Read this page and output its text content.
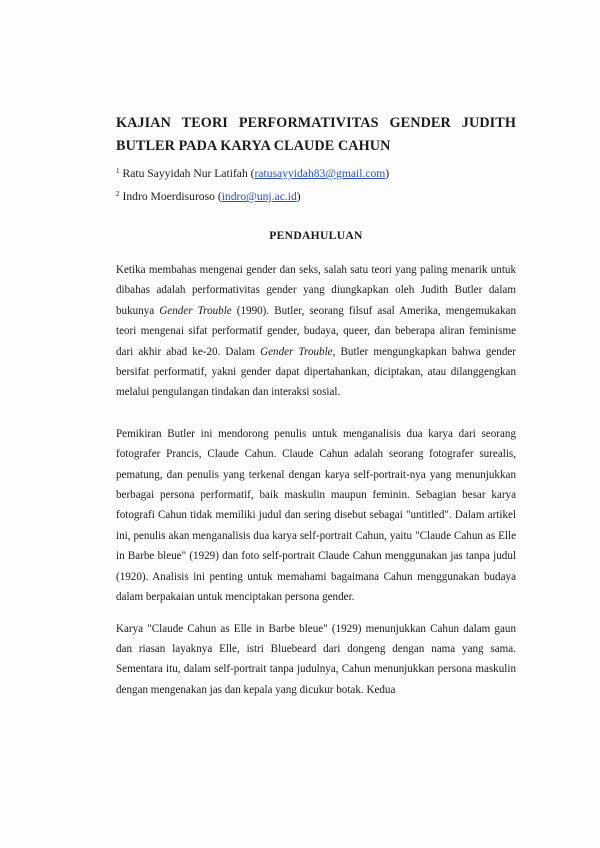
KAJIAN TEORI PERFORMATIVITAS GENDER JUDITH BUTLER PADA KARYA CLAUDE CAHUN

$^1$ Ratu Sayyidah Nur Latifah (ratusayyidah83@gmail.com)

$^2$ Indro Moerdisuroso (indro@unj.ac.id)

PENDAHULUAN

Ketika membahas mengenai gender dan seks, salah satu teori yang paling menarik untuk dibahas adalah performativitas gender yang diungkapkan oleh Judith Butler dalam bukunya Gender Trouble (1990). Butler, seorang filsuf asal Amerika, mengemukakan teori mengenai sifat performatif gender, budaya, queer, dan beberapa aliran feminisme dari akhir abad ke-20. Dalam Gender Trouble, Butler mengungkapkan bahwa gender bersifat performatif, yakni gender dapat dipertahankan, diciptakan, atau dilanggengkan melalui pengulangan tindakan dan interaksi sosial.

Pemikiran Butler ini mendorong penulis untuk menganalisis dua karya dari seorang fotografer Prancis, Claude Cahun. Claude Cahun adalah seorang fotografer surealis, pematung, dan penulis yang terkenal dengan karya self-portrait-nya yang menunjukkan berbagai persona performatif, baik maskulin maupun feminin. Sebagian besar karya fotografi Cahun tidak memiliki judul dan sering disebut sebagai "untitled". Dalam artikel ini, penulis akan menganalisis dua karya self-portrait Cahun, yaitu "Claude Cahun as Elle in Barbe bleue" (1929) dan foto self-portrait Claude Cahun menggunakan jas tanpa judul (1920). Analisis ini penting untuk memahami bagaimana Cahun menggunakan budaya dalam berpakaian untuk menciptakan persona gender.

Karya "Claude Cahun as Elle in Barbe bleue" (1929) menunjukkan Cahun dalam gaun dan riasan layaknya Elle, istri Bluebeard dari dongeng dengan nama yang sama. Sementara itu, dalam self-portrait tanpa judulnya, Cahun menunjukkan persona maskulin dengan mengenakan jas dan kepala yang dicukur botak. Kedua
